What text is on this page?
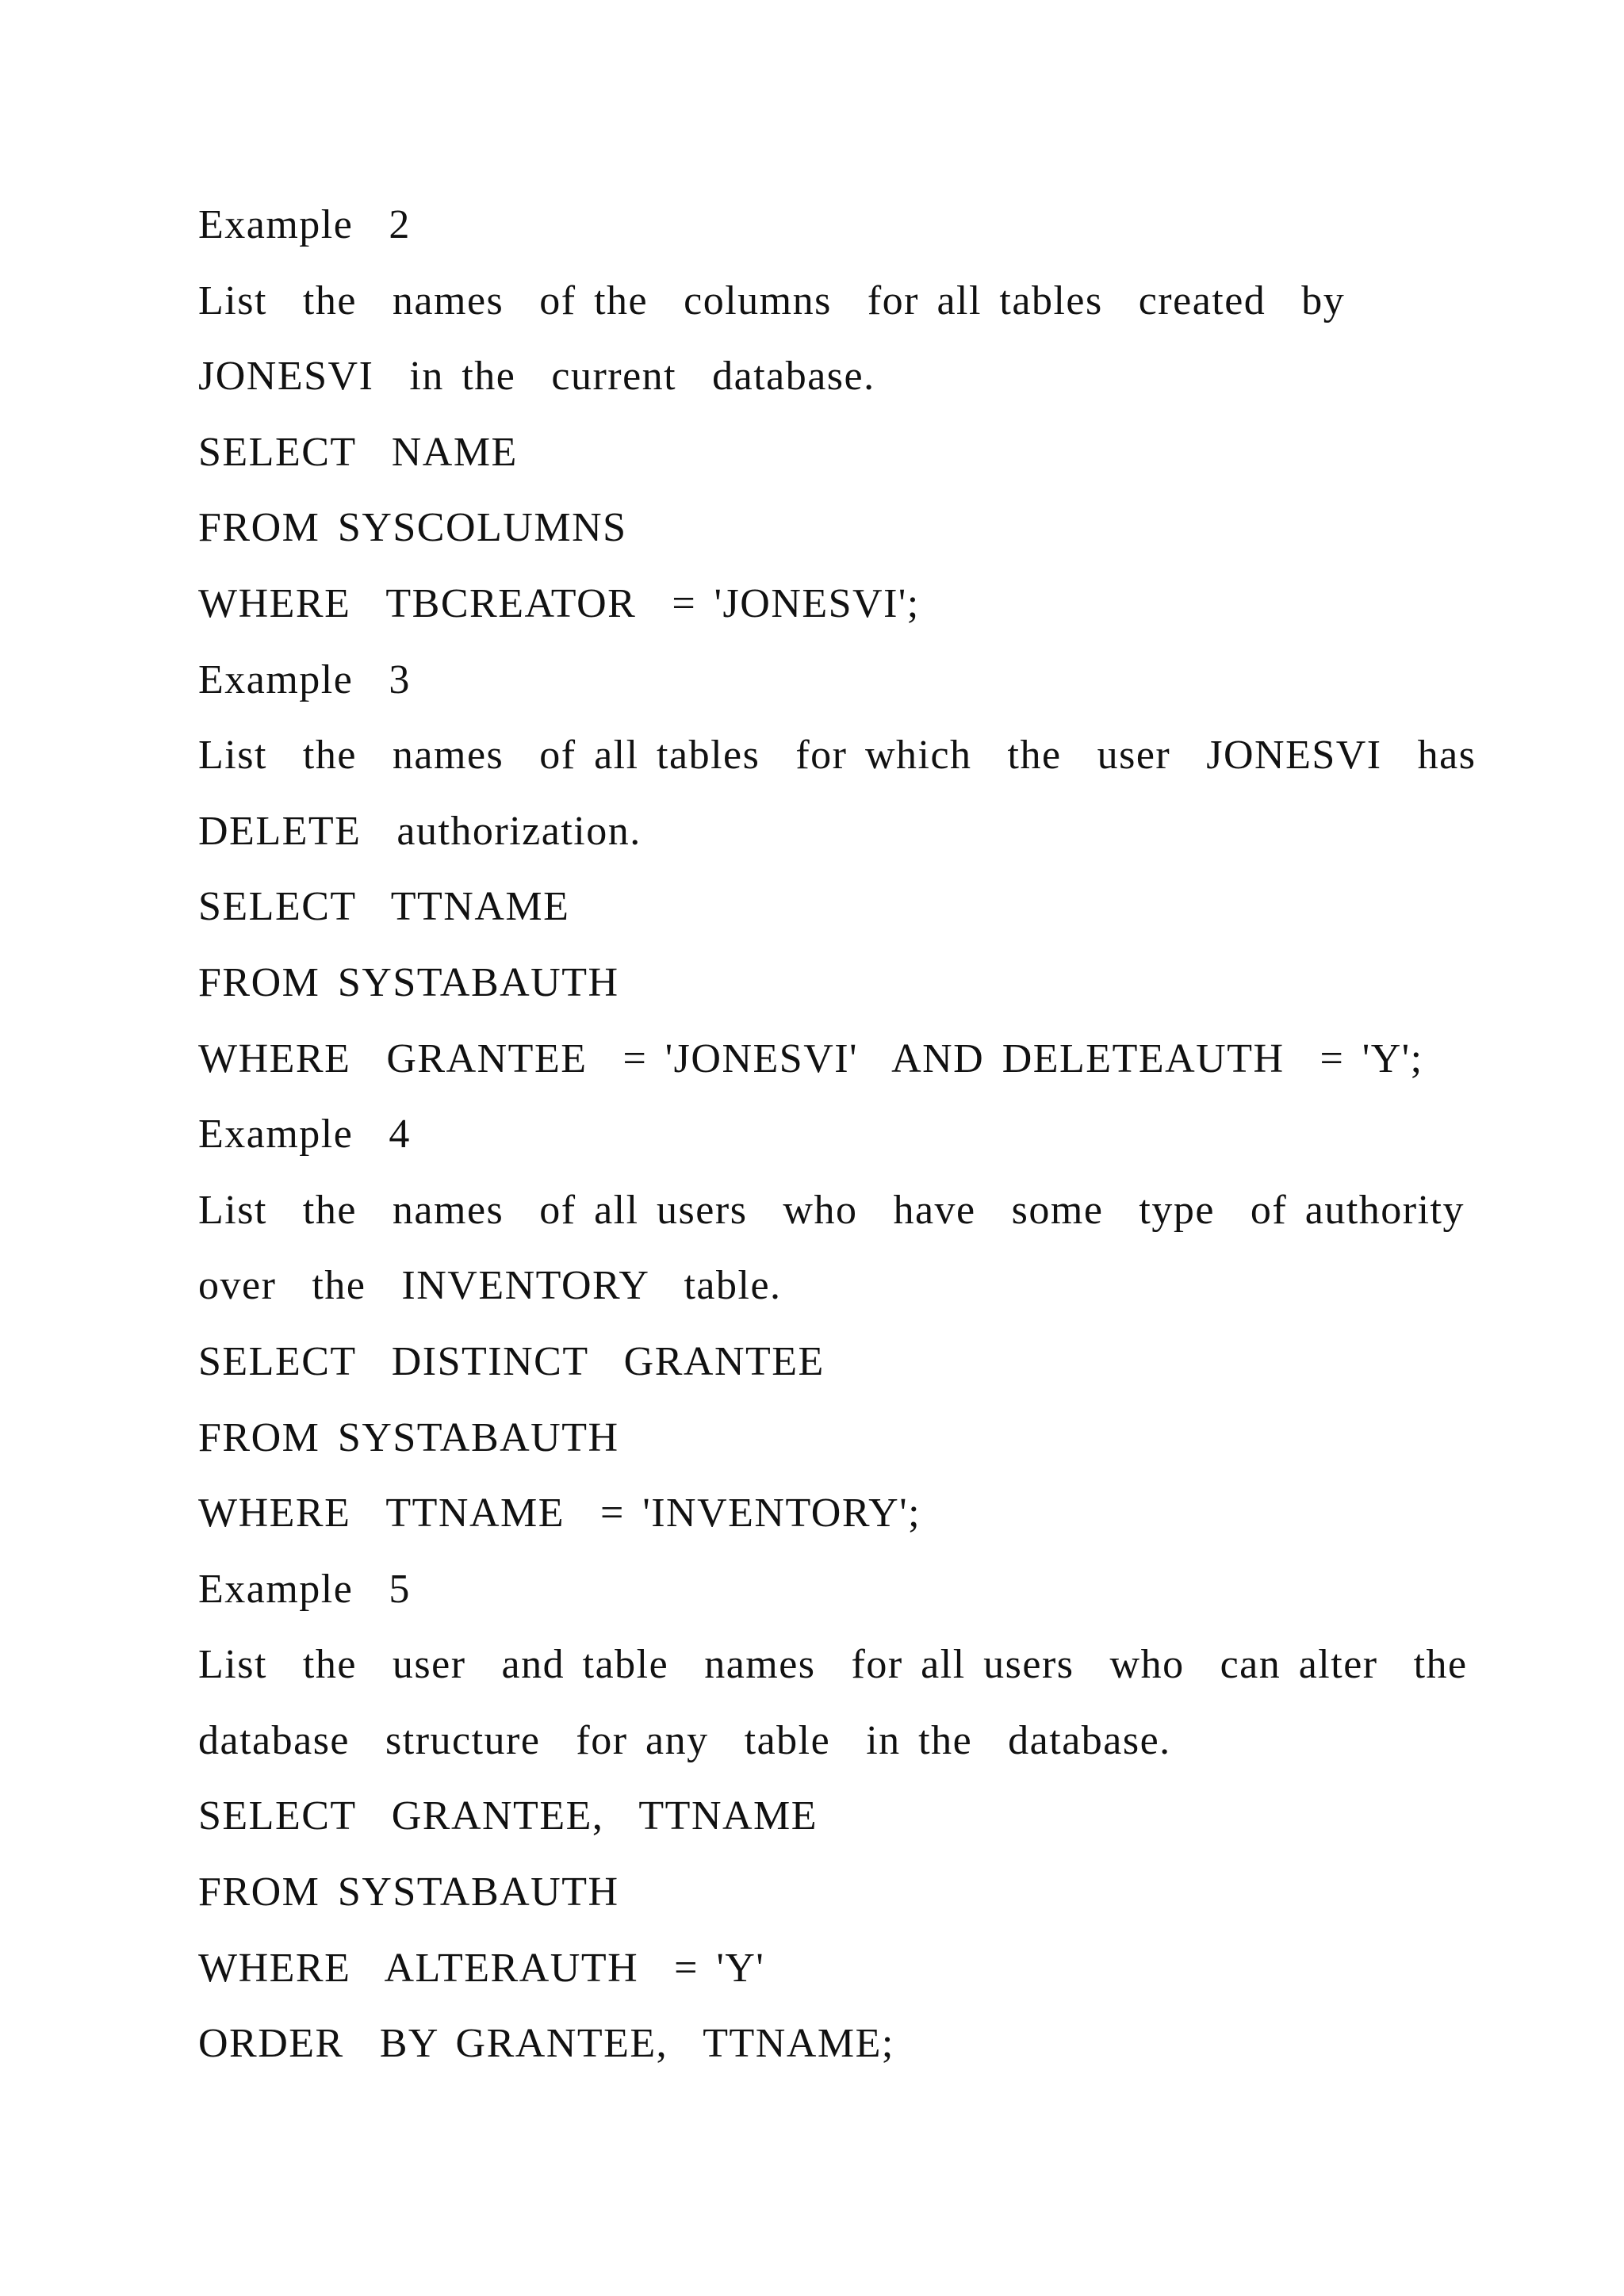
Example  2
List  the  names  of the  columns  for all tables  created  by
JONESVI  in the  current  database.
SELECT  NAME
FROM SYSCOLUMNS
WHERE  TBCREATOR  = 'JONESVI';
Example  3
List  the  names  of all tables  for which  the  user  JONESVI  has
DELETE  authorization.
SELECT  TTNAME
FROM SYSTABAUTH
WHERE  GRANTEE  = 'JONESVI'  AND DELETEAUTH  = 'Y';
Example  4
List  the  names  of all users  who  have  some  type  of authority
over  the  INVENTORY  table.
SELECT  DISTINCT  GRANTEE
FROM SYSTABAUTH
WHERE  TTNAME  = 'INVENTORY';
Example  5
List  the  user  and table  names  for all users  who  can alter  the
database  structure  for any  table  in the  database.
SELECT  GRANTEE,  TTNAME
FROM SYSTABAUTH
WHERE  ALTERAUTH  = 'Y'
ORDER  BY GRANTEE,  TTNAME;
